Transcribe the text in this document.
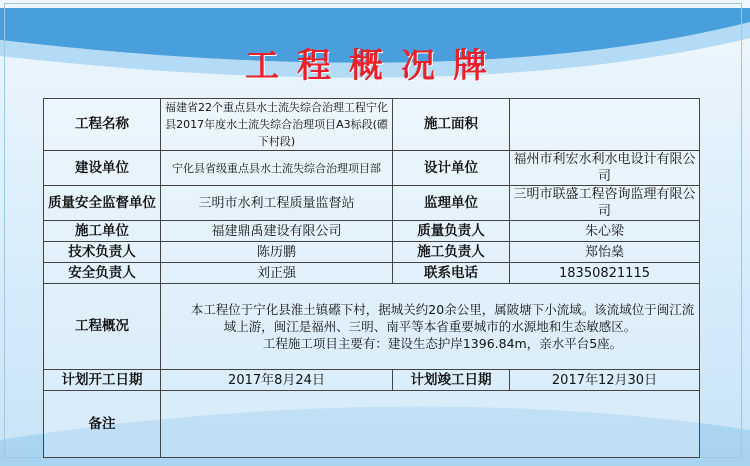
工程概况牌
工程名称	福建省22个重点县水土流失综合治理工程宁化县2017年度水土流失综合治理项目A3标段(礤下村段)	施工面积	
建设单位	宁化县省级重点县水土流失综合治理项目部	设计单位	福州市利宏水利水电设计有限公司
质量安全监督单位	三明市水利工程质量监督站	监理单位	三明市联盛工程咨询监理有限公司
施工单位	福建鼎禹建设有限公司	质量负责人	朱心梁
技术负责人	陈历鹏	施工负责人	郑怡燊
安全负责人	刘正强	联系电话	18350821115
工程概况	本工程位于宁化县淮土镇礤下村，据城关约20余公里，属陂塘下小流域。该流域位于闽江流域上游，闽江是福州、三明、南平等本省重要城市的水源地和生态敏感区。

工程施工项目主要有：建设生态护岸1396.84m，亲水平台5座。		

计划开工日期	2017年8月24日	计划竣工日期	2017年12月30日
备注			
